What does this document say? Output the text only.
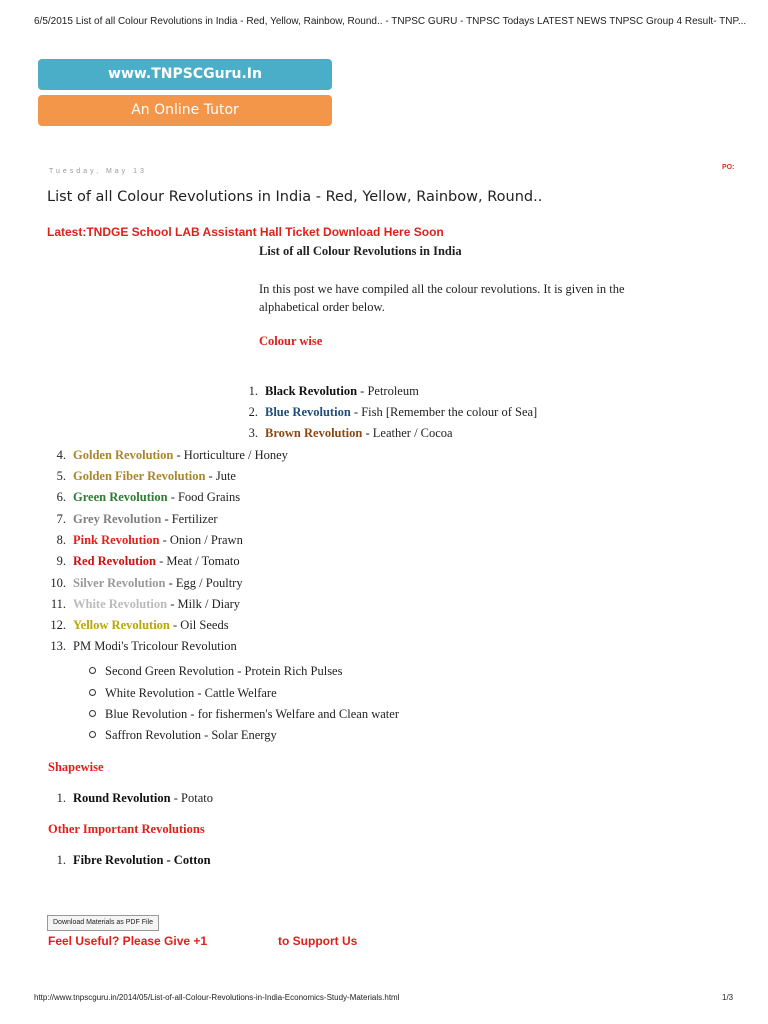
6/5/2015 List of all Colour Revolutions in India - Red, Yellow, Rainbow, Round.. - TNPSC GURU - TNPSC Todays LATEST NEWS TNPSC Group 4 Result- TNP...
www.TNPSCGuru.In
An Online Tutor
Tuesday, May 13
PO:
List of all Colour Revolutions in India - Red, Yellow, Rainbow, Round..
Latest:TNDGE School LAB Assistant Hall Ticket Download Here Soon
List of all Colour Revolutions in India
In this post we have compiled all the colour revolutions. It is given in the alphabetical order below.
Colour wise
1. Black Revolution - Petroleum
2. Blue Revolution - Fish [Remember the colour of Sea]
3. Brown Revolution - Leather / Cocoa
4. Golden Revolution - Horticulture / Honey
5. Golden Fiber Revolution - Jute
6. Green Revolution - Food Grains
7. Grey Revolution - Fertilizer
8. Pink Revolution - Onion / Prawn
9. Red Revolution - Meat / Tomato
10. Silver Revolution - Egg / Poultry
11. White Revolution - Milk / Diary
12. Yellow Revolution - Oil Seeds
13. PM Modi's Tricolour Revolution
Second Green Revolution - Protein Rich Pulses
White Revolution - Cattle Welfare
Blue Revolution - for fishermen's Welfare and Clean water
Saffron Revolution - Solar Energy
Shapewise
1. Round Revolution - Potato
Other Important Revolutions
1. Fibre Revolution - Cotton
Download Materials as PDF File
Feel Useful? Please Give +1	to Support Us
http://www.tnpscguru.in/2014/05/List-of-all-Colour-Revolutions-in-India-Economics-Study-Materials.html	1/3
